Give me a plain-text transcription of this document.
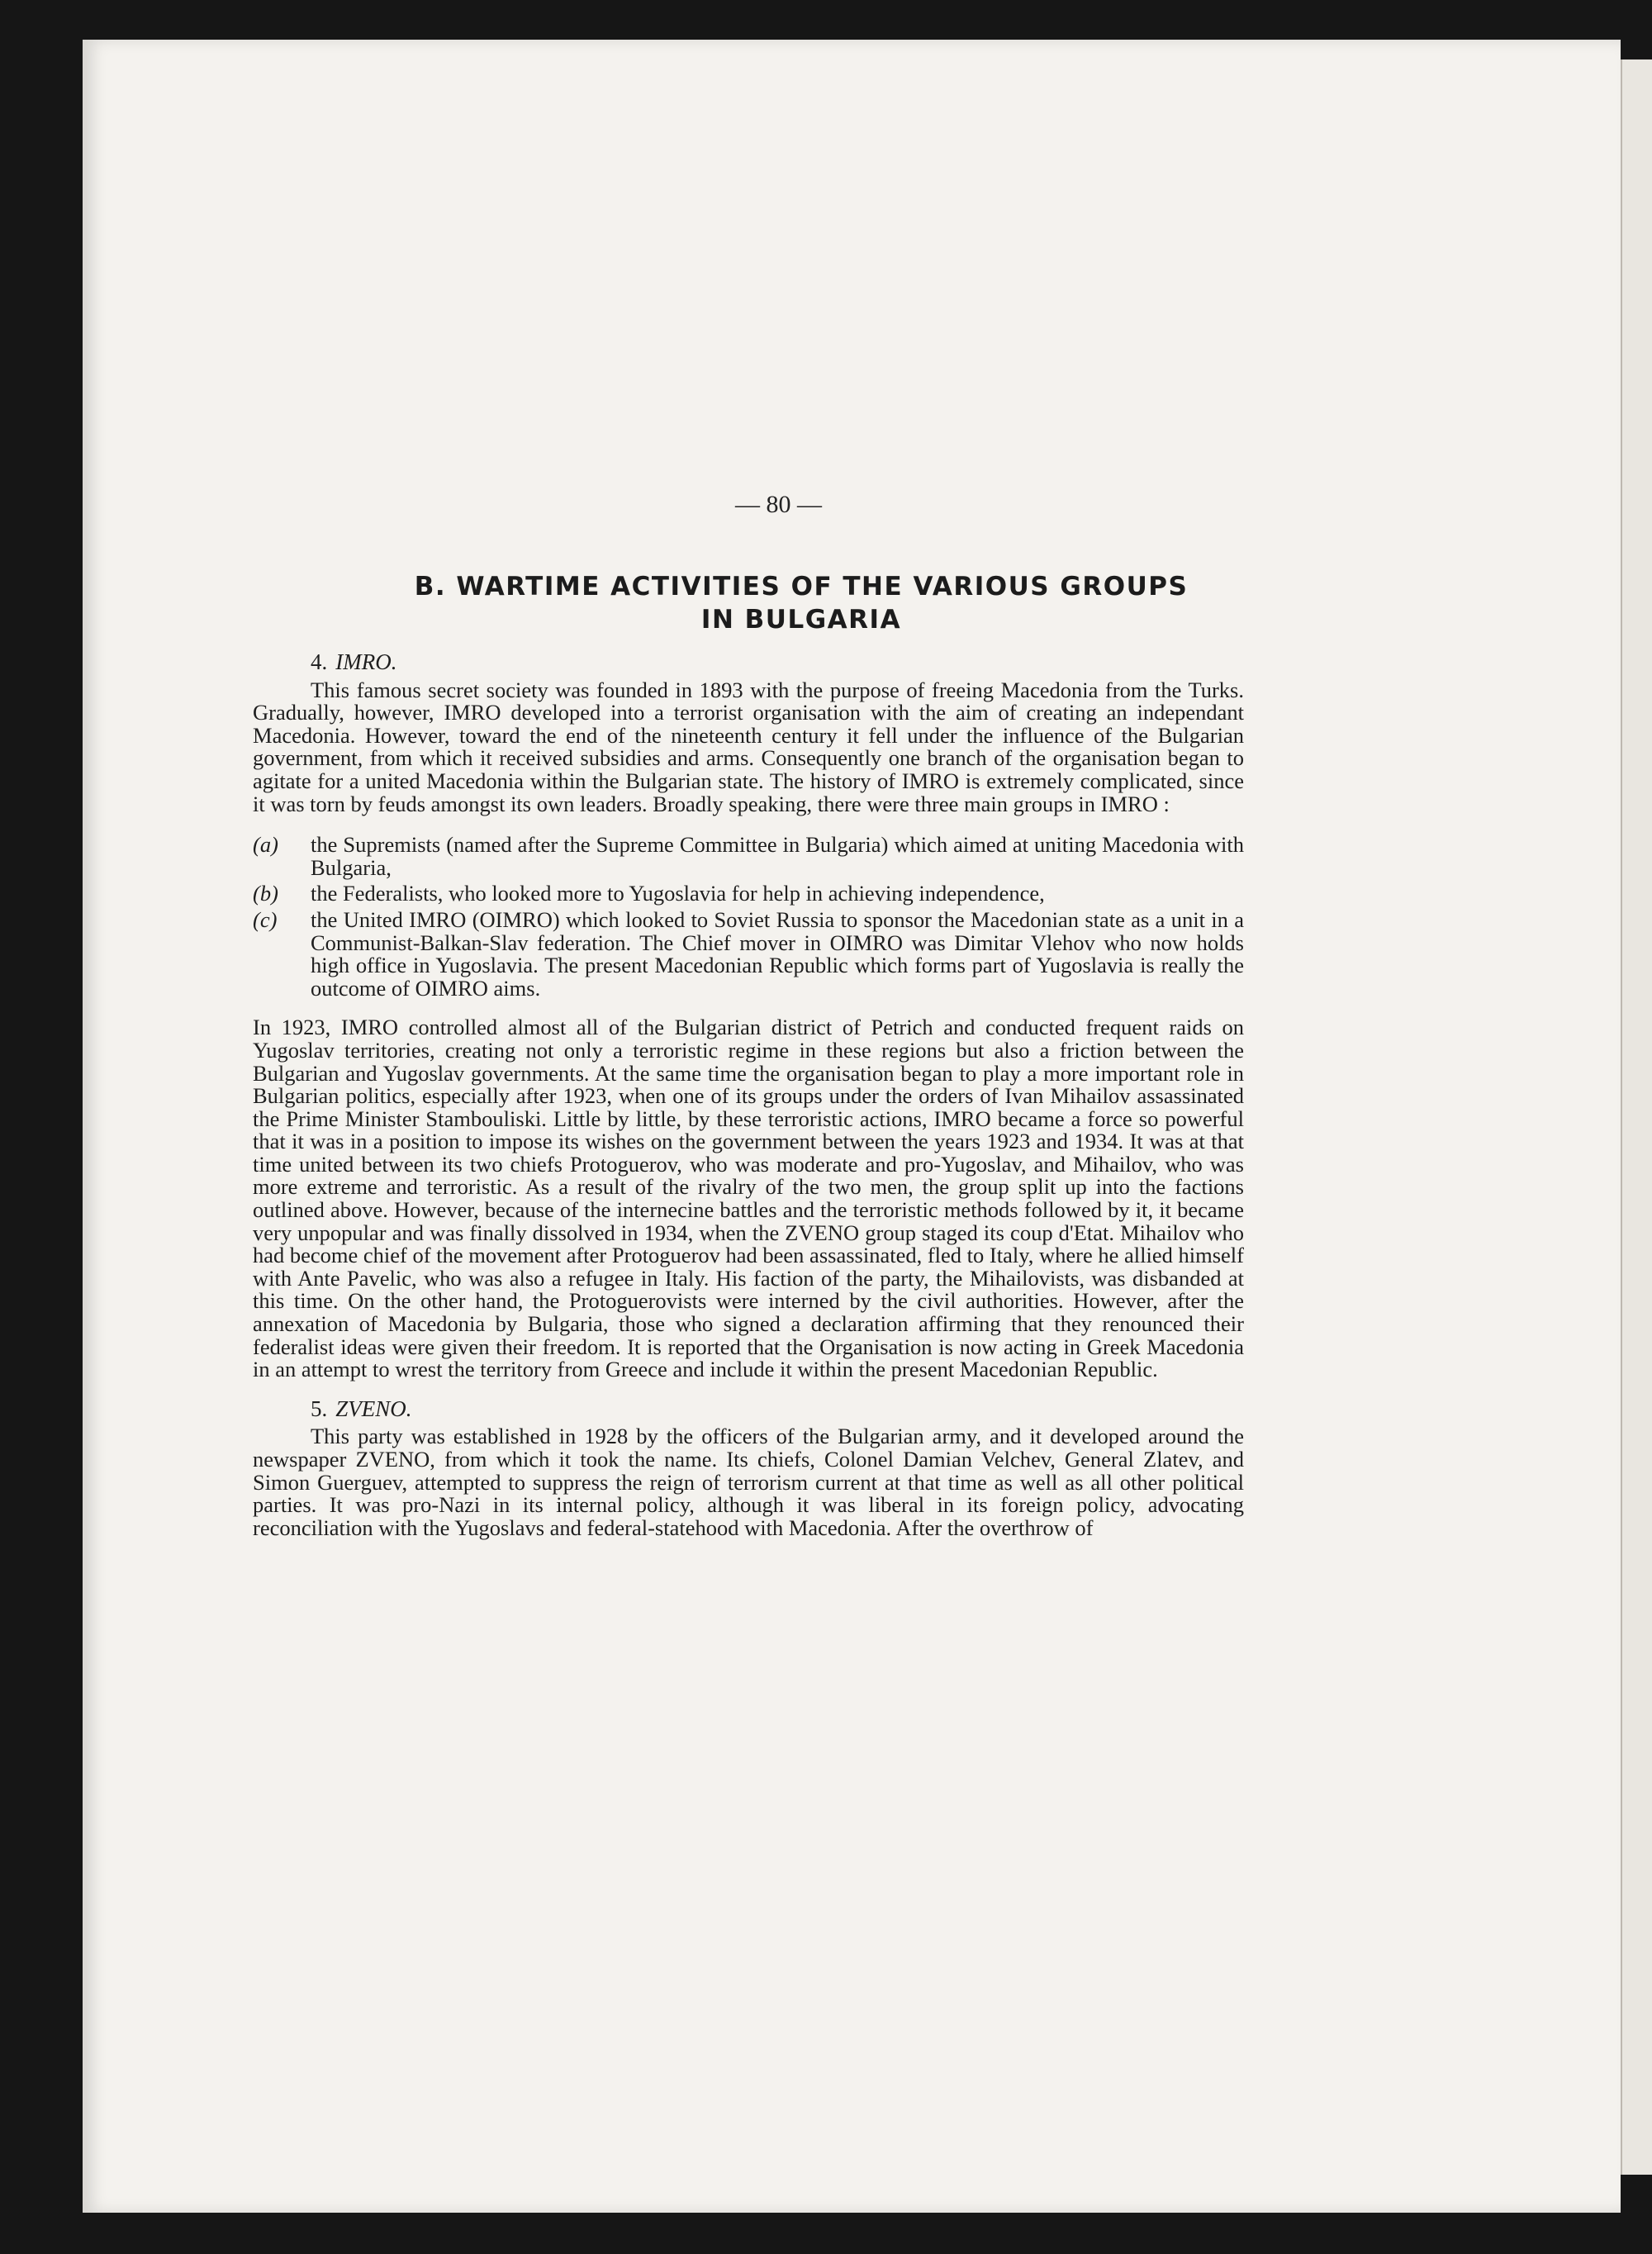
— 80 —
B. WARTIME ACTIVITIES OF THE VARIOUS GROUPS
IN BULGARIA
4. IMRO.

This famous secret society was founded in 1893 with the purpose of freeing Macedonia from the Turks. Gradually, however, IMRO developed into a terrorist organisation with the aim of creating an independant Macedonia. However, toward the end of the nineteenth century it fell under the influence of the Bulgarian government, from which it received subsidies and arms. Consequently one branch of the organisation began to agitate for a united Macedonia within the Bulgarian state. The history of IMRO is extremely complicated, since it was torn by feuds amongst its own leaders. Broadly speaking, there were three main groups in IMRO :

(a)	the Supremists (named after the Supreme Committee in Bulgaria) which aimed at uniting Macedonia with Bulgaria,
(b)	the Federalists, who looked more to Yugoslavia for help in achieving independence,
(c)	the United IMRO (OIMRO) which looked to Soviet Russia to sponsor the Macedonian state as a unit in a Communist-Balkan-Slav federation. The Chief mover in OIMRO was Dimitar Vlehov who now holds high office in Yugoslavia. The present Macedonian Republic which forms part of Yugoslavia is really the outcome of OIMRO aims.

In 1923, IMRO controlled almost all of the Bulgarian district of Petrich and conducted frequent raids on Yugoslav territories, creating not only a terroristic regime in these regions but also a friction between the Bulgarian and Yugoslav governments. At the same time the organisation began to play a more important role in Bulgarian politics, especially after 1923, when one of its groups under the orders of Ivan Mihailov assassinated the Prime Minister Stambouliski. Little by little, by these terroristic actions, IMRO became a force so powerful that it was in a position to impose its wishes on the government between the years 1923 and 1934. It was at that time united between its two chiefs Protoguerov, who was moderate and pro-Yugoslav, and Mihailov, who was more extreme and terroristic. As a result of the rivalry of the two men, the group split up into the factions outlined above. However, because of the internecine battles and the terroristic methods followed by it, it became very unpopular and was finally dissolved in 1934, when the ZVENO group staged its coup d'Etat. Mihailov who had become chief of the movement after Protoguerov had been assassinated, fled to Italy, where he allied himself with Ante Pavelic, who was also a refugee in Italy. His faction of the party, the Mihailovists, was disbanded at this time. On the other hand, the Protoguerovists were interned by the civil authorities. However, after the annexation of Macedonia by Bulgaria, those who signed a declaration affirming that they renounced their federalist ideas were given their freedom. It is reported that the Organisation is now acting in Greek Macedonia in an attempt to wrest the territory from Greece and include it within the present Macedonian Republic.

5. ZVENO.

This party was established in 1928 by the officers of the Bulgarian army, and it developed around the newspaper ZVENO, from which it took the name. Its chiefs, Colonel Damian Velchev, General Zlatev, and Simon Guerguev, attempted to suppress the reign of terrorism current at that time as well as all other political parties. It was pro-Nazi in its internal policy, although it was liberal in its foreign policy, advocating reconciliation with the Yugoslavs and federal-statehood with Macedonia. After the overthrow of
